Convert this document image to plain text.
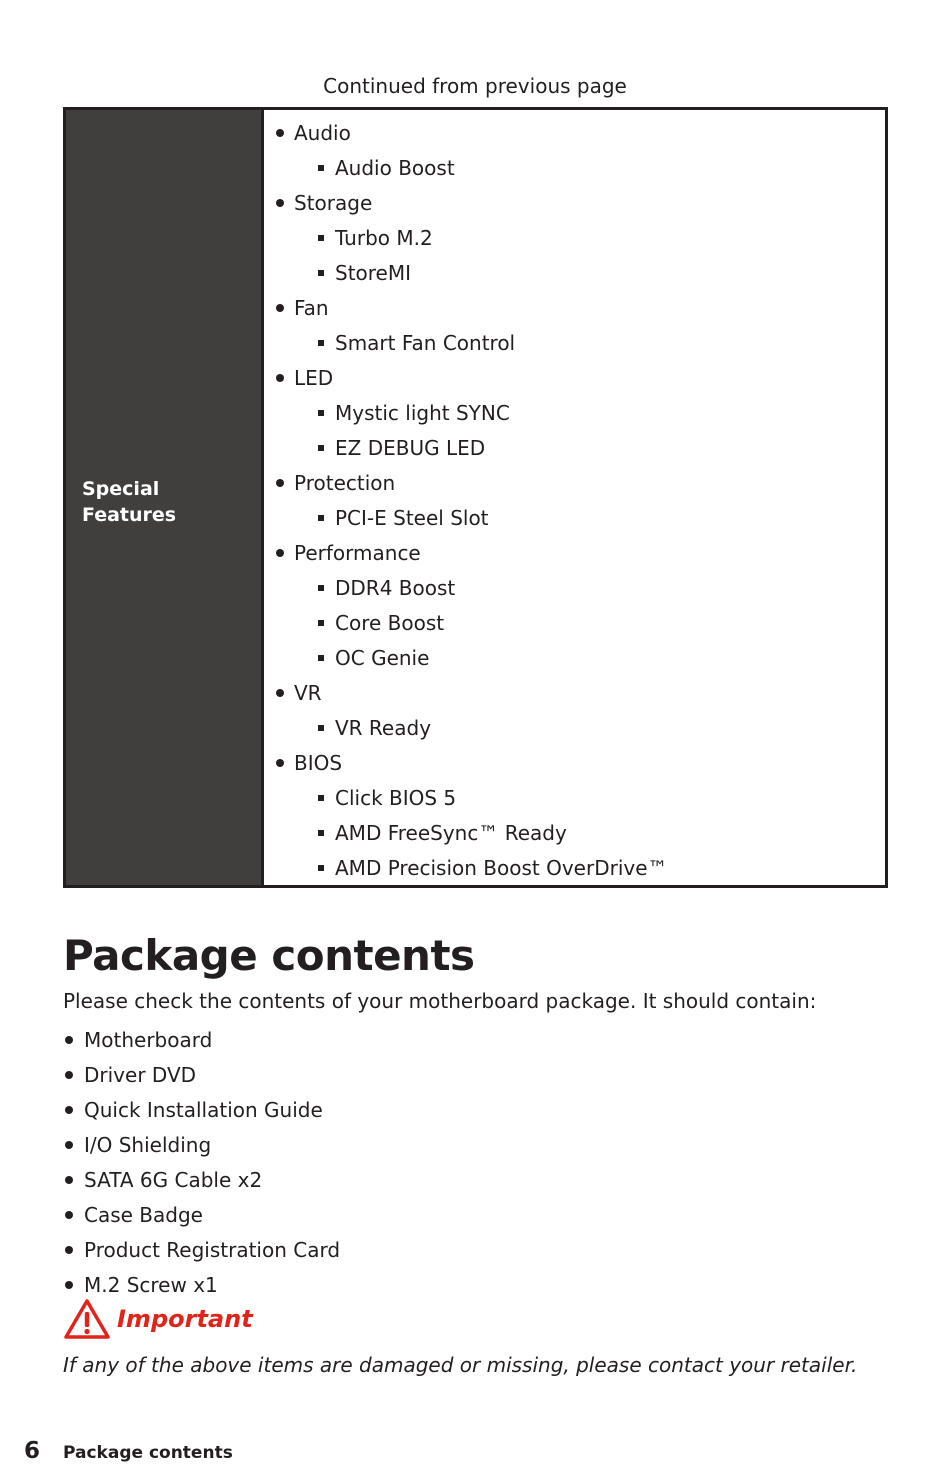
Continued from previous page
Special
Features
Audio
Audio Boost
Storage
Turbo M.2
StoreMI
Fan
Smart Fan Control
LED
Mystic light SYNC
EZ DEBUG LED
Protection
PCI-E Steel Slot
Performance
DDR4 Boost
Core Boost
OC Genie
VR
VR Ready
BIOS
Click BIOS 5
AMD FreeSync™ Ready
AMD Precision Boost OverDrive™
Package contents
Please check the contents of your motherboard package. It should contain:
Motherboard
Driver DVD
Quick Installation Guide
I/O Shielding
SATA 6G Cable x2
Case Badge
Product Registration Card
M.2 Screw x1
Important
If any of the above items are damaged or missing, please contact your retailer.
6	Package contents
